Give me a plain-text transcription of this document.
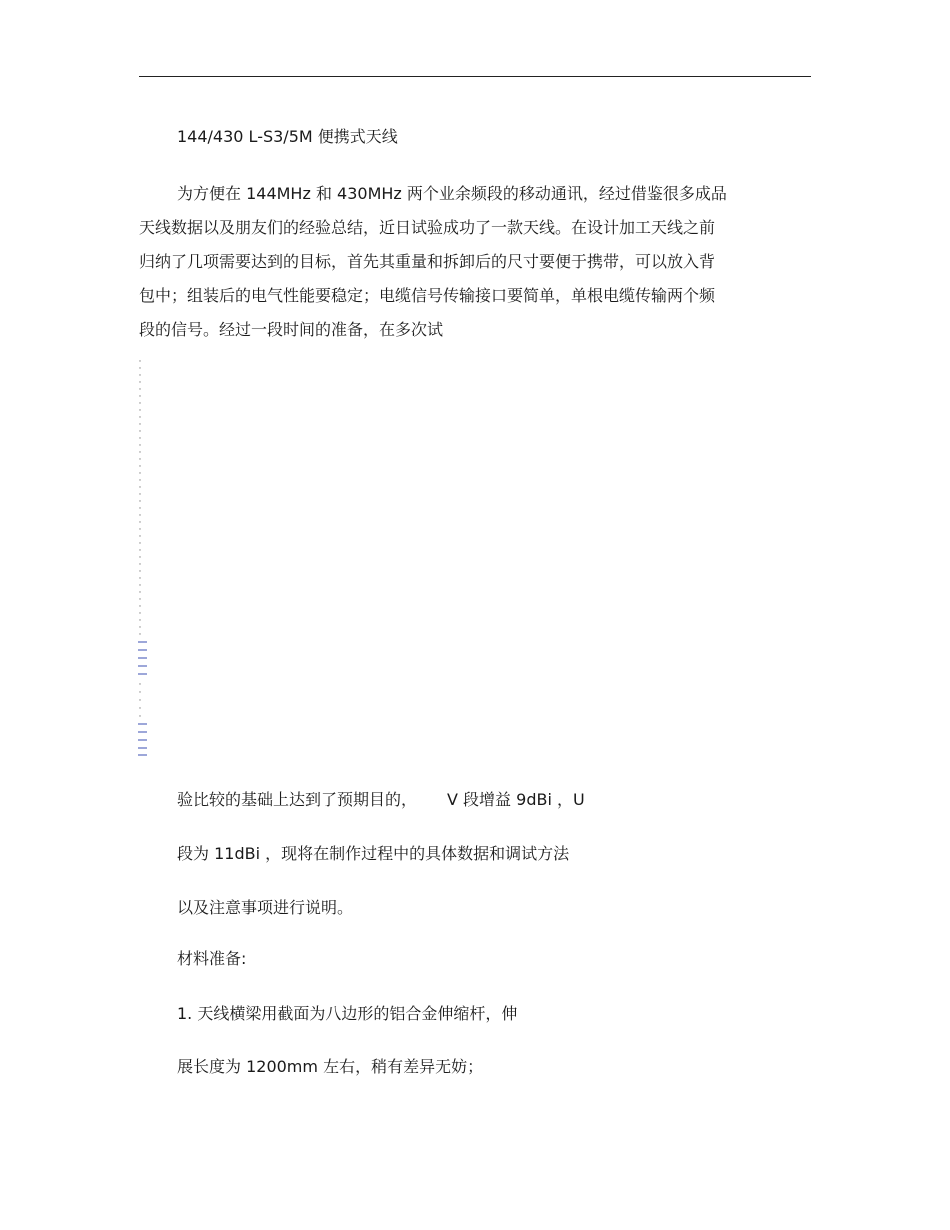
144/430 L-S3/5M 便携式天线
为方便在 144MHz 和 430MHz 两个业余频段的移动通讯，经过借鉴很多成品
天线数据以及朋友们的经验总结，近日试验成功了一款天线。在设计加工天线之前
归纳了几项需要达到的目标，首先其重量和拆卸后的尺寸要便于携带，可以放入背
包中；组装后的电气性能要稳定；电缆信号传输接口要简单，单根电缆传输两个频
段的信号。经过一段时间的准备，在多次试
验比较的基础上达到了预期目的， V 段增益 9dBi ，U
段为 11dBi ，现将在制作过程中的具体数据和调试方法
以及注意事项进行说明。
材料准备:
1. 天线横梁用截面为八边形的铝合金伸缩杆，伸
展长度为 1200mm 左右，稍有差异无妨；
